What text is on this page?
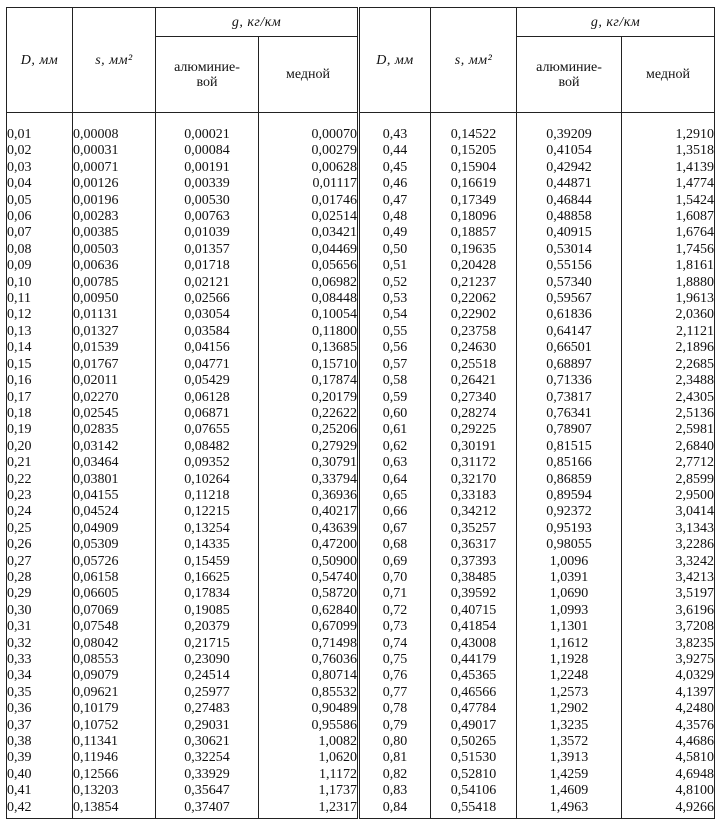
D, мм	s, мм²	g, кг/км		D, мм	s, мм²	g, кг/км	
		алюминие-
вой	медной			алюминие-
вой	медной
0,01	0,00008	0,00021	0,00070	0,43	0,14522	0,39209	1,2910
0,02	0,00031	0,00084	0,00279	0,44	0,15205	0,41054	1,3518
0,03	0,00071	0,00191	0,00628	0,45	0,15904	0,42942	1,4139
0,04	0,00126	0,00339	0,01117	0,46	0,16619	0,44871	1,4774
0,05	0,00196	0,00530	0,01746	0,47	0,17349	0,46844	1,5424
0,06	0,00283	0,00763	0,02514	0,48	0,18096	0,48858	1,6087
0,07	0,00385	0,01039	0,03421	0,49	0,18857	0,40915	1,6764
0,08	0,00503	0,01357	0,04469	0,50	0,19635	0,53014	1,7456
0,09	0,00636	0,01718	0,05656	0,51	0,20428	0,55156	1,8161
0,10	0,00785	0,02121	0,06982	0,52	0,21237	0,57340	1,8880
0,11	0,00950	0,02566	0,08448	0,53	0,22062	0,59567	1,9613
0,12	0,01131	0,03054	0,10054	0,54	0,22902	0,61836	2,0360
0,13	0,01327	0,03584	0,11800	0,55	0,23758	0,64147	2,1121
0,14	0,01539	0,04156	0,13685	0,56	0,24630	0,66501	2,1896
0,15	0,01767	0,04771	0,15710	0,57	0,25518	0,68897	2,2685
0,16	0,02011	0,05429	0,17874	0,58	0,26421	0,71336	2,3488
0,17	0,02270	0,06128	0,20179	0,59	0,27340	0,73817	2,4305
0,18	0,02545	0,06871	0,22622	0,60	0,28274	0,76341	2,5136
0,19	0,02835	0,07655	0,25206	0,61	0,29225	0,78907	2,5981
0,20	0,03142	0,08482	0,27929	0,62	0,30191	0,81515	2,6840
0,21	0,03464	0,09352	0,30791	0,63	0,31172	0,85166	2,7712
0,22	0,03801	0,10264	0,33794	0,64	0,32170	0,86859	2,8599
0,23	0,04155	0,11218	0,36936	0,65	0,33183	0,89594	2,9500
0,24	0,04524	0,12215	0,40217	0,66	0,34212	0,92372	3,0414
0,25	0,04909	0,13254	0,43639	0,67	0,35257	0,95193	3,1343
0,26	0,05309	0,14335	0,47200	0,68	0,36317	0,98055	3,2286
0,27	0,05726	0,15459	0,50900	0,69	0,37393	1,0096	3,3242
0,28	0,06158	0,16625	0,54740	0,70	0,38485	1,0391	3,4213
0,29	0,06605	0,17834	0,58720	0,71	0,39592	1,0690	3,5197
0,30	0,07069	0,19085	0,62840	0,72	0,40715	1,0993	3,6196
0,31	0,07548	0,20379	0,67099	0,73	0,41854	1,1301	3,7208
0,32	0,08042	0,21715	0,71498	0,74	0,43008	1,1612	3,8235
0,33	0,08553	0,23090	0,76036	0,75	0,44179	1,1928	3,9275
0,34	0,09079	0,24514	0,80714	0,76	0,45365	1,2248	4,0329
0,35	0,09621	0,25977	0,85532	0,77	0,46566	1,2573	4,1397
0,36	0,10179	0,27483	0,90489	0,78	0,47784	1,2902	4,2480
0,37	0,10752	0,29031	0,95586	0,79	0,49017	1,3235	4,3576
0,38	0,11341	0,30621	1,0082	0,80	0,50265	1,3572	4,4686
0,39	0,11946	0,32254	1,0620	0,81	0,51530	1,3913	4,5810
0,40	0,12566	0,33929	1,1172	0,82	0,52810	1,4259	4,6948
0,41	0,13203	0,35647	1,1737	0,83	0,54106	1,4609	4,8100
0,42	0,13854	0,37407	1,2317	0,84	0,55418	1,4963	4,9266
